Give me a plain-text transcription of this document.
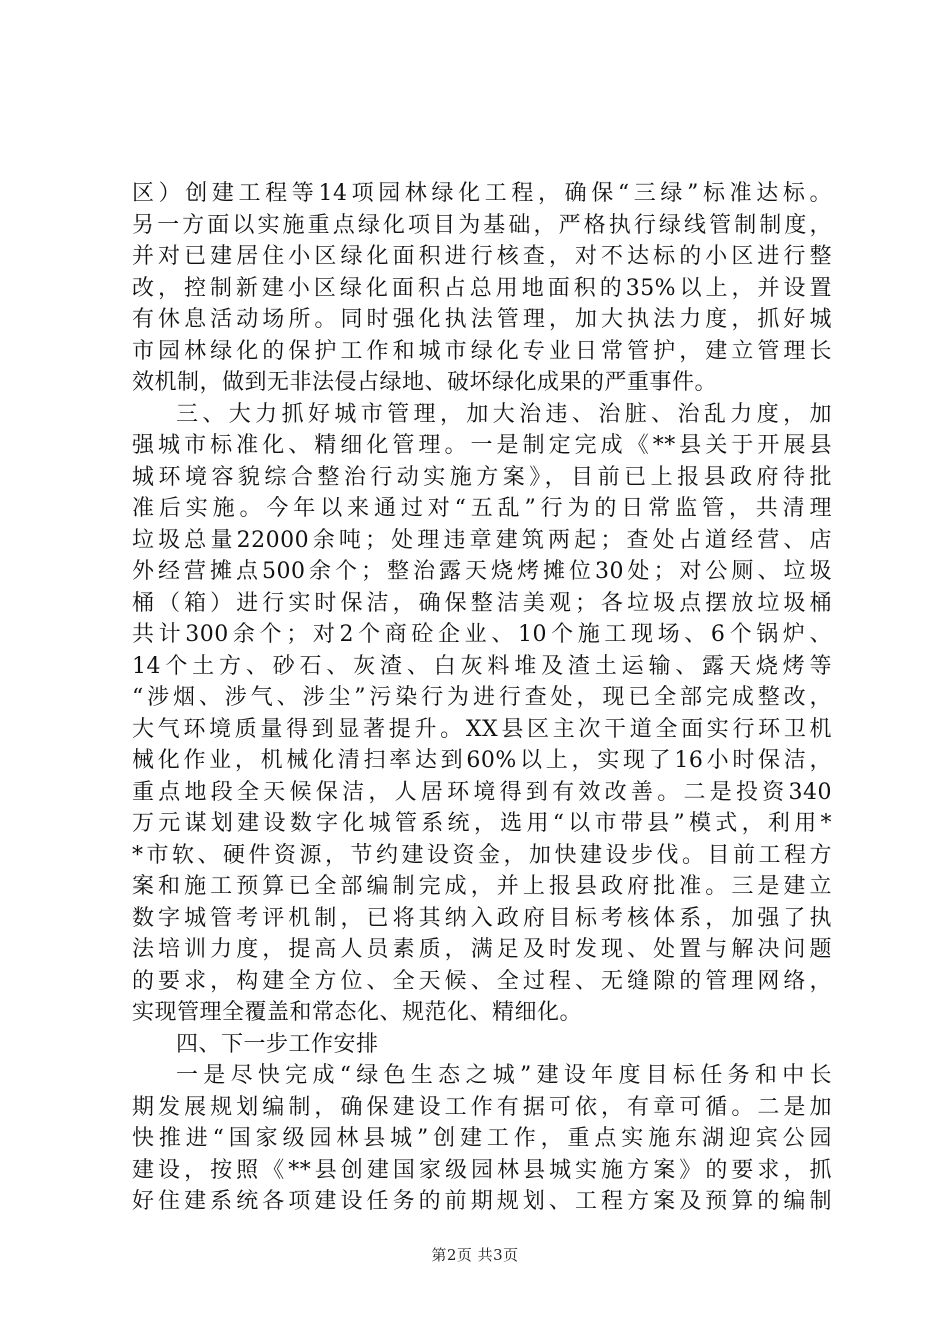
区）创建工程等14项园林绿化工程，确保“三绿”标准达标。
另一方面以实施重点绿化项目为基础，严格执行绿线管制制度，
并对已建居住小区绿化面积进行核查，对不达标的小区进行整
改，控制新建小区绿化面积占总用地面积的35%以上，并设置
有休息活动场所。同时强化执法管理，加大执法力度，抓好城
市园林绿化的保护工作和城市绿化专业日常管护，建立管理长
效机制，做到无非法侵占绿地、破坏绿化成果的严重事件。
三、大力抓好城市管理，加大治违、治脏、治乱力度，加
强城市标准化、精细化管理。一是制定完成《**县关于开展县
城环境容貌综合整治行动实施方案》，目前已上报县政府待批
准后实施。今年以来通过对“五乱”行为的日常监管，共清理
垃圾总量22000余吨；处理违章建筑两起；查处占道经营、店
外经营摊点500余个；整治露天烧烤摊位30处；对公厕、垃圾
桶（箱）进行实时保洁，确保整洁美观；各垃圾点摆放垃圾桶
共计300余个；对2个商砼企业、10个施工现场、6个锅炉、
14个土方、砂石、灰渣、白灰料堆及渣土运输、露天烧烤等
“涉烟、涉气、涉尘”污染行为进行查处，现已全部完成整改，
大气环境质量得到显著提升。XX县区主次干道全面实行环卫机
械化作业，机械化清扫率达到60%以上，实现了16小时保洁，
重点地段全天候保洁，人居环境得到有效改善。二是投资340
万元谋划建设数字化城管系统，选用“以市带县”模式，利用*
*市软、硬件资源，节约建设资金，加快建设步伐。目前工程方
案和施工预算已全部编制完成，并上报县政府批准。三是建立
数字城管考评机制，已将其纳入政府目标考核体系，加强了执
法培训力度，提高人员素质，满足及时发现、处置与解决问题
的要求，构建全方位、全天候、全过程、无缝隙的管理网络，
实现管理全覆盖和常态化、规范化、精细化。
四、下一步工作安排
一是尽快完成“绿色生态之城”建设年度目标任务和中长
期发展规划编制，确保建设工作有据可依，有章可循。二是加
快推进“国家级园林县城”创建工作，重点实施东湖迎宾公园
建设，按照《**县创建国家级园林县城实施方案》的要求，抓
好住建系统各项建设任务的前期规划、工程方案及预算的编制
第2页 共3页
